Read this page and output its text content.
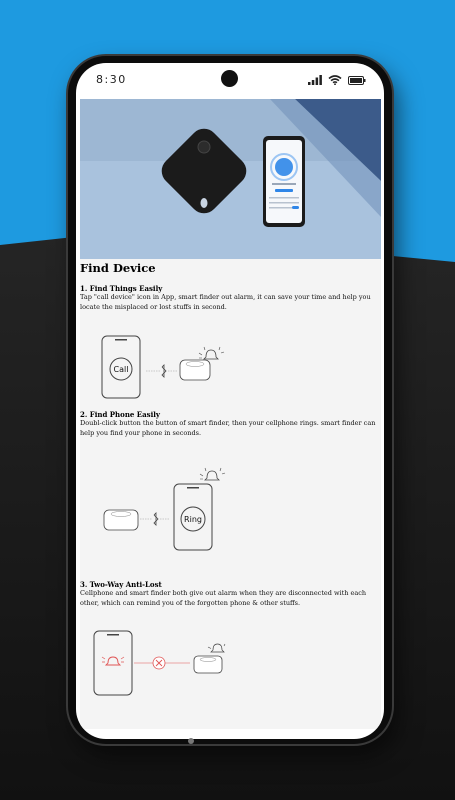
8:30
Find Device
1. Find Things Easily
Tap "call device" icon in App, smart finder out alarm, it can save your time and help you locate the misplaced or lost stuffs in second.
Call
2. Find Phone Easily
Doubl-click button the button of smart finder, then your cellphone rings. smart finder can help you find your phone in seconds.
Ring
3. Two-Way Anti-Lost
Cellphone and smart finder both give out alarm when they are disconnected with each other, which can remind you of the forgotten phone & other stuffs.
